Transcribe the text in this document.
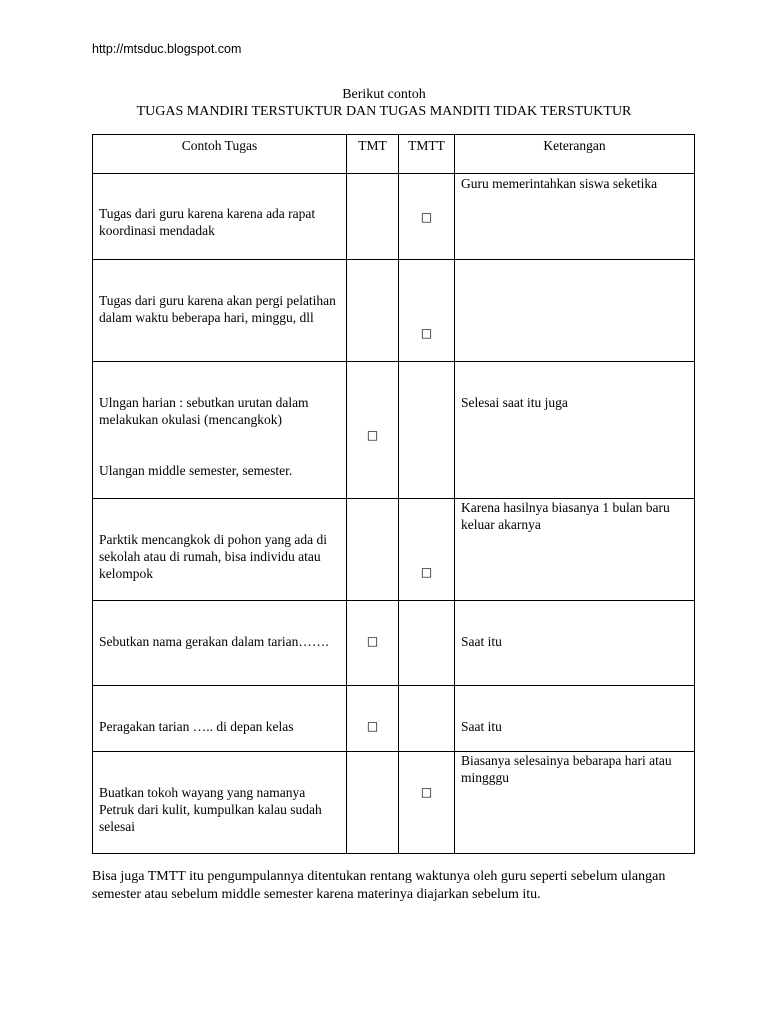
http://mtsduc.blogspot.com
Berikut contoh
TUGAS MANDIRI TERSTUKTUR DAN TUGAS MANDITI TIDAK TERSTUKTUR
Contoh Tugas	TMT	TMTT	Keterangan

Tugas dari guru karena karena ada rapat koordinasi mendadak		□	Guru memerintahkan siswa seketika

Tugas dari guru karena akan pergi pelatihan dalam waktu beberapa hari, minggu, dll		□	

Ulngan harian : sebutkan urutan dalam melakukan okulasi (mencangkok)
Ulangan middle semester, semester.	□		Selesai saat itu juga

Parktik mencangkok di pohon yang ada di sekolah atau di rumah, bisa individu atau kelompok		□	Karena hasilnya biasanya 1 bulan baru keluar akarnya

Sebutkan nama gerakan dalam tarian…….	□		Saat itu

Peragakan tarian ….. di depan kelas	□		Saat itu

Buatkan tokoh wayang yang namanya Petruk dari kulit, kumpulkan kalau sudah selesai		□	Biasanya selesainya bebarapa hari atau mingggu
Bisa juga TMTT itu pengumpulannya ditentukan rentang waktunya oleh guru seperti sebelum ulangan semester atau sebelum middle semester karena materinya diajarkan sebelum itu.
